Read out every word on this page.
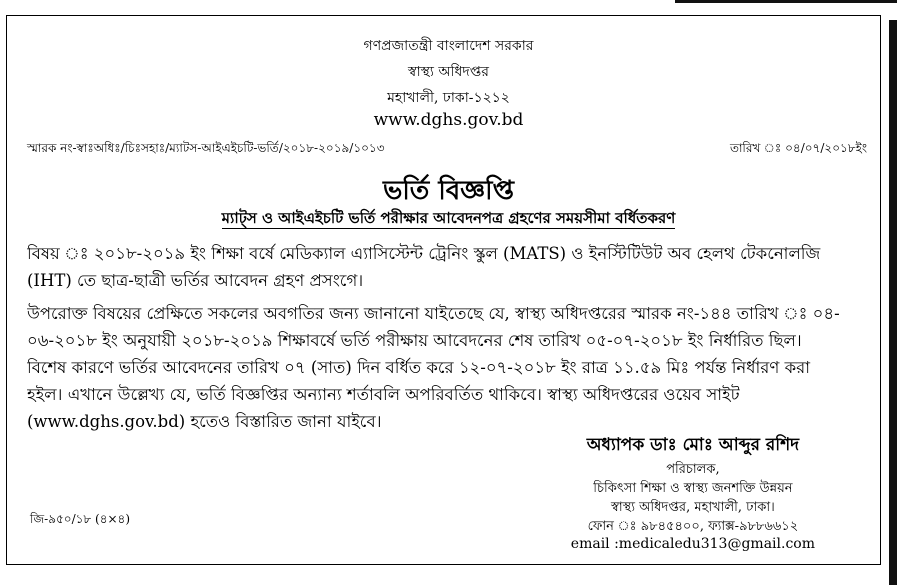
গণপ্রজাতন্ত্রী বাংলাদেশ সরকার
স্বাস্থ্য অধিদপ্তর
মহাখালী, ঢাকা-১২১২
www.dghs.gov.bd
স্মারক নং-স্বাঃঅধিঃ/চিঃসহাঃ/ম্যাটস-আইএইচটি-ভর্তি/২০১৮-২০১৯/১০১৩	তারিখ ঃ ০৪/০৭/২০১৮ইং
ভর্তি বিজ্ঞপ্তি
ম্যাট্স ও আইএইচটি ভর্তি পরীক্ষার আবেদনপত্র গ্রহণের সময়সীমা বর্ধিতকরণ
বিষয় ঃ ২০১৮-২০১৯ ইং শিক্ষা বর্ষে মেডিক্যাল এ্যাসিস্টেন্ট ট্রেনিং স্কুল (MATS) ও ইনস্টিটিউট অব হেলথ টেকনোলজি
(IHT) তে ছাত্র-ছাত্রী ভর্তির আবেদন গ্রহণ প্রসংগে।
উপরোক্ত বিষয়ের প্রেক্ষিতে সকলের অবগতির জন্য জানানো যাইতেছে যে, স্বাস্থ্য অধিদপ্তরের স্মারক নং-১৪৪ তারিখ ঃ ০৪-
০৬-২০১৮ ইং অনুযায়ী ২০১৮-২০১৯ শিক্ষাবর্ষে ভর্তি পরীক্ষায় আবেদনের শেষ তারিখ ০৫-০৭-২০১৮ ইং নির্ধারিত ছিল।
বিশেষ কারণে ভর্তির আবেদনের তারিখ ০৭ (সাত) দিন বর্ধিত করে ১২-০৭-২০১৮ ইং রাত্র ১১.৫৯ মিঃ পর্যন্ত নির্ধারণ করা
হইল। এখানে উল্লেখ্য যে, ভর্তি বিজ্ঞপ্তির অন্যান্য শর্তাবলি অপরিবর্তিত থাকিবে। স্বাস্থ্য অধিদপ্তরের ওয়েব সাইট
(www.dghs.gov.bd) হতেও বিস্তারিত জানা যাইবে।
অধ্যাপক ডাঃ মোঃ আব্দুর রশিদ
পরিচালক,
চিকিৎসা শিক্ষা ও স্বাস্থ্য জনশক্তি উন্নয়ন
স্বাস্থ্য অধিদপ্তর, মহাখালী, ঢাকা।
ফোন ঃ ৯৮৪৫৪০০, ফ্যাক্স-৯৮৮৬৬১২
email :medicaledu313@gmail.com
জি-৯৫০/১৮ (৪×৪)
